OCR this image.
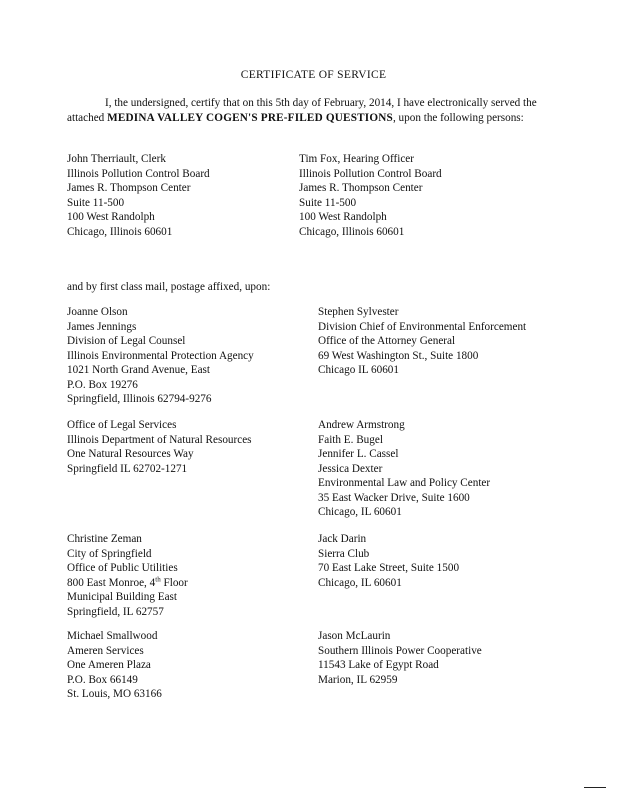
CERTIFICATE OF SERVICE
I, the undersigned, certify that on this 5th day of February, 2014, I have electronically served the attached MEDINA VALLEY COGEN'S PRE-FILED QUESTIONS, upon the following persons:
John Therriault, Clerk
Illinois Pollution Control Board
James R. Thompson Center
Suite 11-500
100 West Randolph
Chicago, Illinois 60601
Tim Fox, Hearing Officer
Illinois Pollution Control Board
James R. Thompson Center
Suite 11-500
100 West Randolph
Chicago, Illinois 60601
and by first class mail, postage affixed, upon:
Joanne Olson
James Jennings
Division of Legal Counsel
Illinois Environmental Protection Agency
1021 North Grand Avenue, East
P.O. Box 19276
Springfield, Illinois 62794-9276
Stephen Sylvester
Division Chief of Environmental Enforcement
Office of the Attorney General
69 West Washington St., Suite 1800
Chicago IL 60601
Office of Legal Services
Illinois Department of Natural Resources
One Natural Resources Way
Springfield IL 62702-1271
Andrew Armstrong
Faith E. Bugel
Jennifer L. Cassel
Jessica Dexter
Environmental Law and Policy Center
35 East Wacker Drive, Suite 1600
Chicago, IL 60601
Christine Zeman
City of Springfield
Office of Public Utilities
800 East Monroe, 4th Floor
Municipal Building East
Springfield, IL 62757
Jack Darin
Sierra Club
70 East Lake Street, Suite 1500
Chicago, IL 60601
Michael Smallwood
Ameren Services
One Ameren Plaza
P.O. Box 66149
St. Louis, MO 63166
Jason McLaurin
Southern Illinois Power Cooperative
11543 Lake of Egypt Road
Marion, IL 62959
